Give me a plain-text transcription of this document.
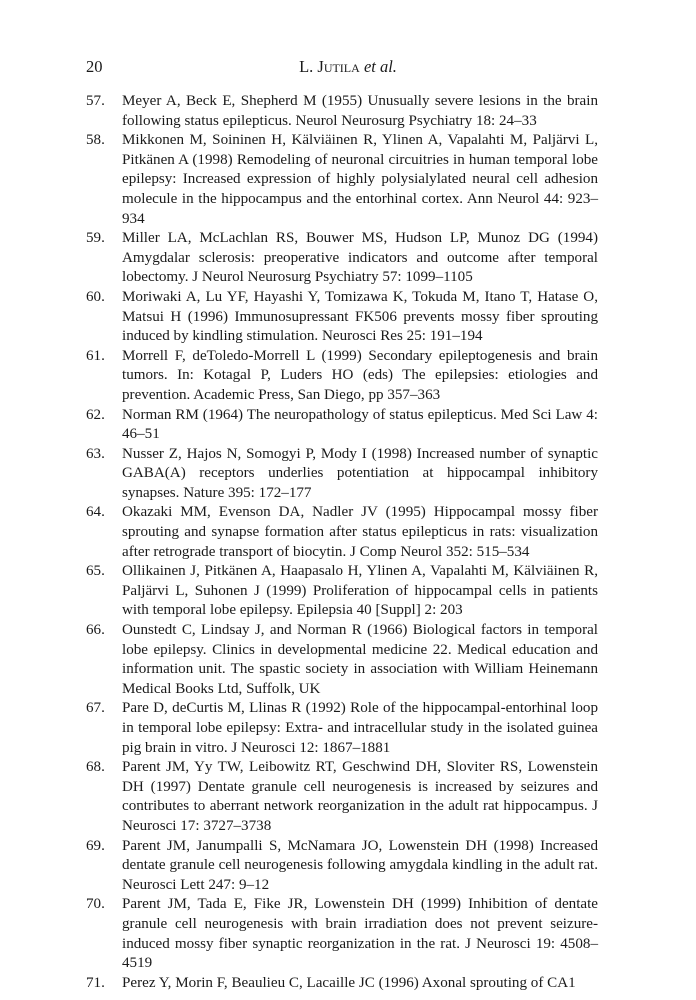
20	L. Jutila et al.
57.	Meyer A, Beck E, Shepherd M (1955) Unusually severe lesions in the brain following status epilepticus. Neurol Neurosurg Psychiatry 18: 24–33
58.	Mikkonen M, Soininen H, Kälviäinen R, Ylinen A, Vapalahti M, Paljärvi L, Pitkänen A (1998) Remodeling of neuronal circuitries in human temporal lobe epilepsy: Increased expression of highly polysialylated neural cell adhesion molecule in the hippocampus and the entorhinal cortex. Ann Neurol 44: 923–934
59.	Miller LA, McLachlan RS, Bouwer MS, Hudson LP, Munoz DG (1994) Amygdalar sclerosis: preoperative indicators and outcome after temporal lobectomy. J Neurol Neurosurg Psychiatry 57: 1099–1105
60.	Moriwaki A, Lu YF, Hayashi Y, Tomizawa K, Tokuda M, Itano T, Hatase O, Matsui H (1996) Immunosupressant FK506 prevents mossy fiber sprouting induced by kindling stimulation. Neurosci Res 25: 191–194
61.	Morrell F, deToledo-Morrell L (1999) Secondary epileptogenesis and brain tumors. In: Kotagal P, Luders HO (eds) The epilepsies: etiologies and prevention. Academic Press, San Diego, pp 357–363
62.	Norman RM (1964) The neuropathology of status epilepticus. Med Sci Law 4: 46–51
63.	Nusser Z, Hajos N, Somogyi P, Mody I (1998) Increased number of synaptic GABA(A) receptors underlies potentiation at hippocampal inhibitory synapses. Nature 395: 172–177
64.	Okazaki MM, Evenson DA, Nadler JV (1995) Hippocampal mossy fiber sprouting and synapse formation after status epilepticus in rats: visualization after retrograde transport of biocytin. J Comp Neurol 352: 515–534
65.	Ollikainen J, Pitkänen A, Haapasalo H, Ylinen A, Vapalahti M, Kälviäinen R, Paljärvi L, Suhonen J (1999) Proliferation of hippocampal cells in patients with temporal lobe epilepsy. Epilepsia 40 [Suppl] 2: 203
66.	Ounstedt C, Lindsay J, and Norman R (1966) Biological factors in temporal lobe epilepsy. Clinics in developmental medicine 22. Medical education and information unit. The spastic society in association with William Heinemann Medical Books Ltd, Suffolk, UK
67.	Pare D, deCurtis M, Llinas R (1992) Role of the hippocampal-entorhinal loop in temporal lobe epilepsy: Extra- and intracellular study in the isolated guinea pig brain in vitro. J Neurosci 12: 1867–1881
68.	Parent JM, Yy TW, Leibowitz RT, Geschwind DH, Sloviter RS, Lowenstein DH (1997) Dentate granule cell neurogenesis is increased by seizures and contributes to aberrant network reorganization in the adult rat hippocampus. J Neurosci 17: 3727–3738
69.	Parent JM, Janumpalli S, McNamara JO, Lowenstein DH (1998) Increased dentate granule cell neurogenesis following amygdala kindling in the adult rat. Neurosci Lett 247: 9–12
70.	Parent JM, Tada E, Fike JR, Lowenstein DH (1999) Inhibition of dentate granule cell neurogenesis with brain irradiation does not prevent seizure-induced mossy fiber synaptic reorganization in the rat. J Neurosci 19: 4508–4519
71.	Perez Y, Morin F, Beaulieu C, Lacaille JC (1996) Axonal sprouting of CA1
